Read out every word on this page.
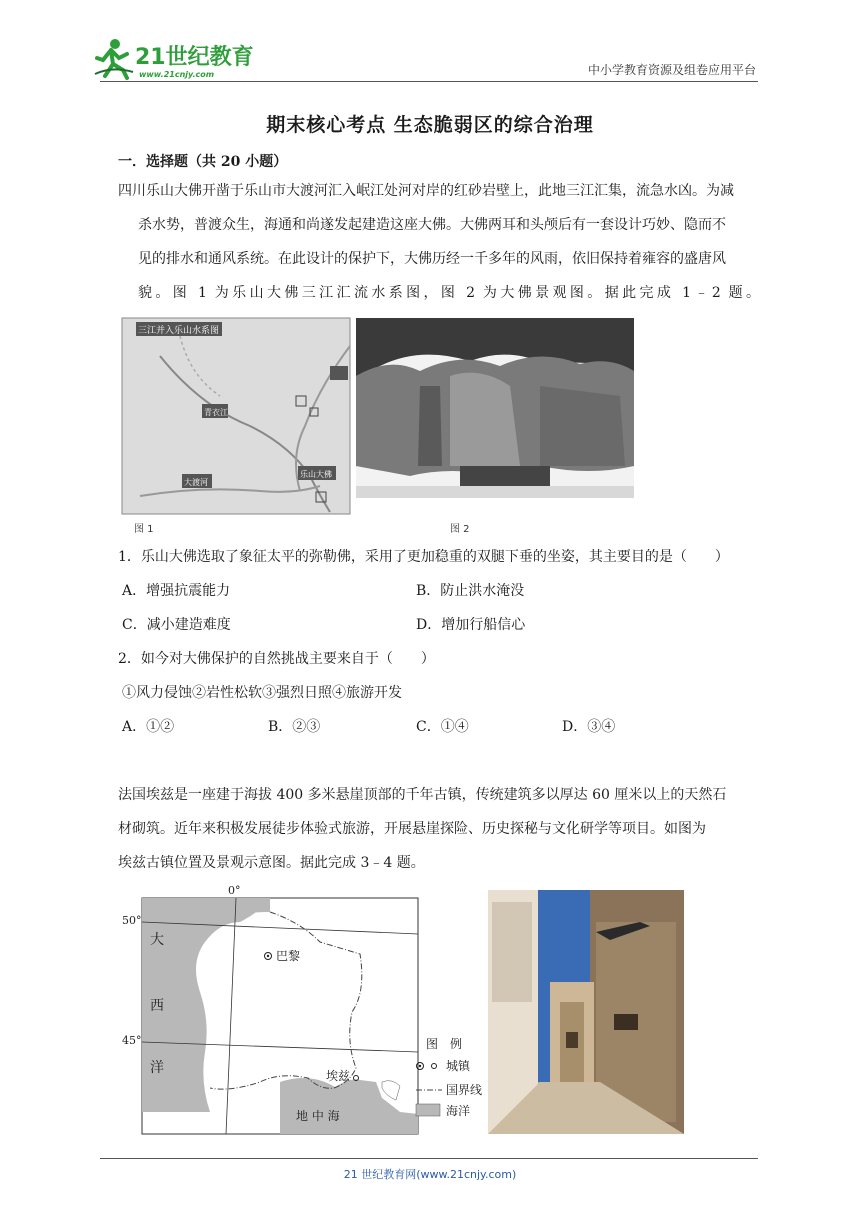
21世纪教育
www.21cnjy.com	中小学教育资源及组卷应用平台
期末核心考点 生态脆弱区的综合治理
一．选择题（共 20 小题）
四川乐山大佛开凿于乐山市大渡河汇入岷江处河对岸的红砂岩壁上，此地三江汇集，流急水凶。为减
杀水势，普渡众生，海通和尚遂发起建造这座大佛。大佛两耳和头颅后有一套设计巧妙、隐而不
见的排水和通风系统。在此设计的保护下，大佛历经一千多年的风雨，依旧保持着雍容的盛唐风
貌。图 1 为乐山大佛三江汇流水系图，图 2 为大佛景观图。据此完成 1﹣2 题。
三江并入乐山水系图
青衣江
大渡河
乐山大佛
图 1	图 2
1．乐山大佛选取了象征太平的弥勒佛，采用了更加稳重的双腿下垂的坐姿，其主要目的是（　　）
A．增强抗震能力	B．防止洪水淹没
C．减小建造难度	D．增加行船信心
2．如今对大佛保护的自然挑战主要来自于（　　）
①风力侵蚀②岩性松软③强烈日照④旅游开发
A．①②	B．②③	C．①④	D．③④
法国埃兹是一座建于海拔 400 多米悬崖顶部的千年古镇，传统建筑多以厚达 60 厘米以上的天然石
材砌筑。近年来积极发展徒步体验式旅游，开展悬崖探险、历史探秘与文化研学等项目。如图为
埃兹古镇位置及景观示意图。据此完成 3﹣4 题。
0°
50°
45°
大
西
洋
巴黎
埃兹
地 中 海
图　例
城镇
国界线
海洋
21 世纪教育网(www.21cnjy.com)
